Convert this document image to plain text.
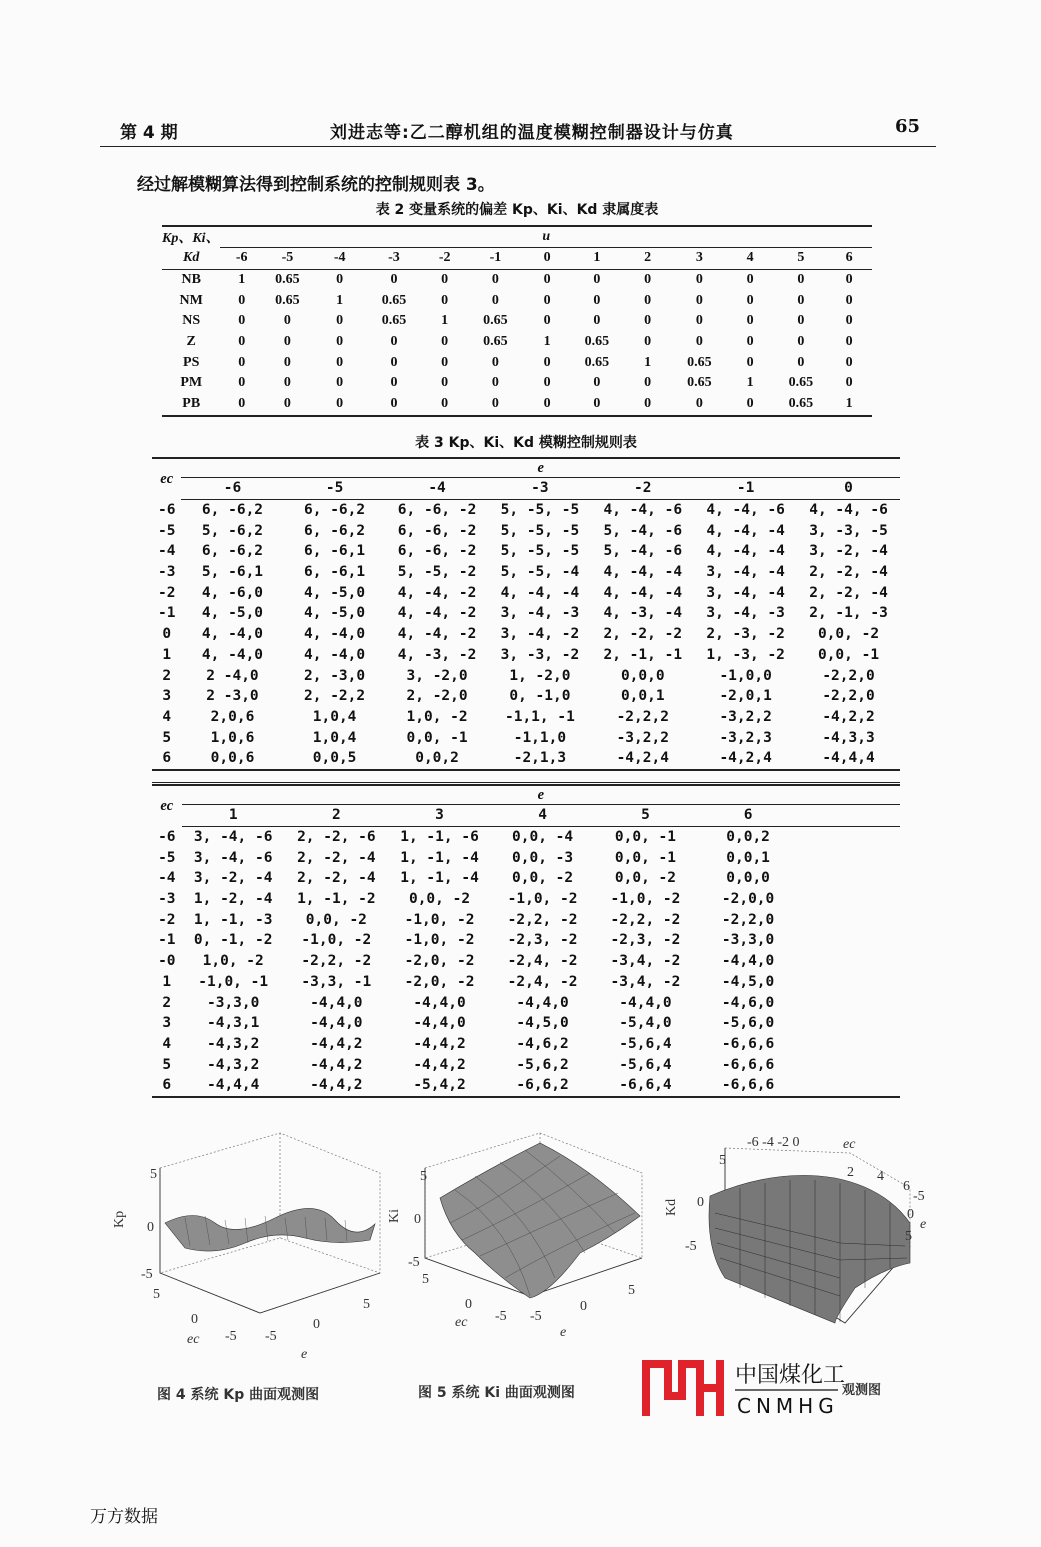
第 4 期	刘进志等:乙二醇机组的温度模糊控制器设计与仿真	65
经过解模糊算法得到控制系统的控制规则表 3。
表 2 变量系统的偏差 Kp、Ki、Kd 隶属度表
Kp、Ki、	u												
Kd	-6	-5	-4	-3	-2	-1	0	1	2	3	4	5	6
NB	1	0.65	0	0	0	0	0	0	0	0	0	0	0
NM	0	0.65	1	0.65	0	0	0	0	0	0	0	0	0
NS	0	0	0	0.65	1	0.65	0	0	0	0	0	0	0
Z	0	0	0	0	0	0.65	1	0.65	0	0	0	0	0
PS	0	0	0	0	0	0	0	0.65	1	0.65	0	0	0
PM	0	0	0	0	0	0	0	0	0	0.65	1	0.65	0
PB	0	0	0	0	0	0	0	0	0	0	0	0.65	1
表 3 Kp、Ki、Kd 模糊控制规则表
ec	e						
	-6	-5	-4	-3	-2	-1	0
-6	6, -6,2	6, -6,2	6, -6, -2	5, -5, -5	4, -4, -6	4, -4, -6	4, -4, -6
-5	5, -6,2	6, -6,2	6, -6, -2	5, -5, -5	5, -4, -6	4, -4, -4	3, -3, -5
-4	6, -6,2	6, -6,1	6, -6, -2	5, -5, -5	5, -4, -6	4, -4, -4	3, -2, -4
-3	5, -6,1	6, -6,1	5, -5, -2	5, -5, -4	4, -4, -4	3, -4, -4	2, -2, -4
-2	4, -6,0	4, -5,0	4, -4, -2	4, -4, -4	4, -4, -4	3, -4, -4	2, -2, -4
-1	4, -5,0	4, -5,0	4, -4, -2	3, -4, -3	4, -3, -4	3, -4, -3	2, -1, -3
0	4, -4,0	4, -4,0	4, -4, -2	3, -4, -2	2, -2, -2	2, -3, -2	0,0, -2
1	4, -4,0	4, -4,0	4, -3, -2	3, -3, -2	2, -1, -1	1, -3, -2	0,0, -1
2	2 -4,0	2, -3,0	3, -2,0	1, -2,0	0,0,0	-1,0,0	-2,2,0
3	2 -3,0	2, -2,2	2, -2,0	0, -1,0	0,0,1	-2,0,1	-2,2,0
4	2,0,6	1,0,4	1,0, -2	-1,1, -1	-2,2,2	-3,2,2	-4,2,2
5	1,0,6	1,0,4	0,0, -1	-1,1,0	-3,2,2	-3,2,3	-4,3,3
6	0,0,6	0,0,5	0,0,2	-2,1,3	-4,2,4	-4,2,4	-4,4,4
ec	e						
	1	2	3	4	5	6	
-6	3, -4, -6	2, -2, -6	1, -1, -6	0,0, -4	0,0, -1	0,0,2	
-5	3, -4, -6	2, -2, -4	1, -1, -4	0,0, -3	0,0, -1	0,0,1	
-4	3, -2, -4	2, -2, -4	1, -1, -4	0,0, -2	0,0, -2	0,0,0	
-3	1, -2, -4	1, -1, -2	0,0, -2	-1,0, -2	-1,0, -2	-2,0,0	
-2	1, -1, -3	0,0, -2	-1,0, -2	-2,2, -2	-2,2, -2	-2,2,0	
-1	0, -1, -2	-1,0, -2	-1,0, -2	-2,3, -2	-2,3, -2	-3,3,0	
-0	1,0, -2	-2,2, -2	-2,0, -2	-2,4, -2	-3,4, -2	-4,4,0	
1	-1,0, -1	-3,3, -1	-2,0, -2	-2,4, -2	-3,4, -2	-4,5,0	
2	-3,3,0	-4,4,0	-4,4,0	-4,4,0	-4,4,0	-4,6,0	
3	-4,3,1	-4,4,0	-4,4,0	-4,5,0	-5,4,0	-5,6,0	
4	-4,3,2	-4,4,2	-4,4,2	-4,6,2	-5,6,4	-6,6,6	
5	-4,3,2	-4,4,2	-4,4,2	-5,6,2	-5,6,4	-6,6,6	
6	-4,4,4	-4,4,2	-5,4,2	-6,6,2	-6,6,4	-6,6,6	
5
0
-5
Kp
5
0
-5
5
0
-5
ec
e
图 4 系统 Kp 曲面观测图
5
0
-5
Ki
5
0
-5
5
0
-5
ec
e
图 5 系统 Ki 曲面观测图
-6 -4 -2 0	ec
5
0
-5
Kd
2 4
6
-5
0
5
e
中国煤化工
CNMHG
观测图
万方数据
